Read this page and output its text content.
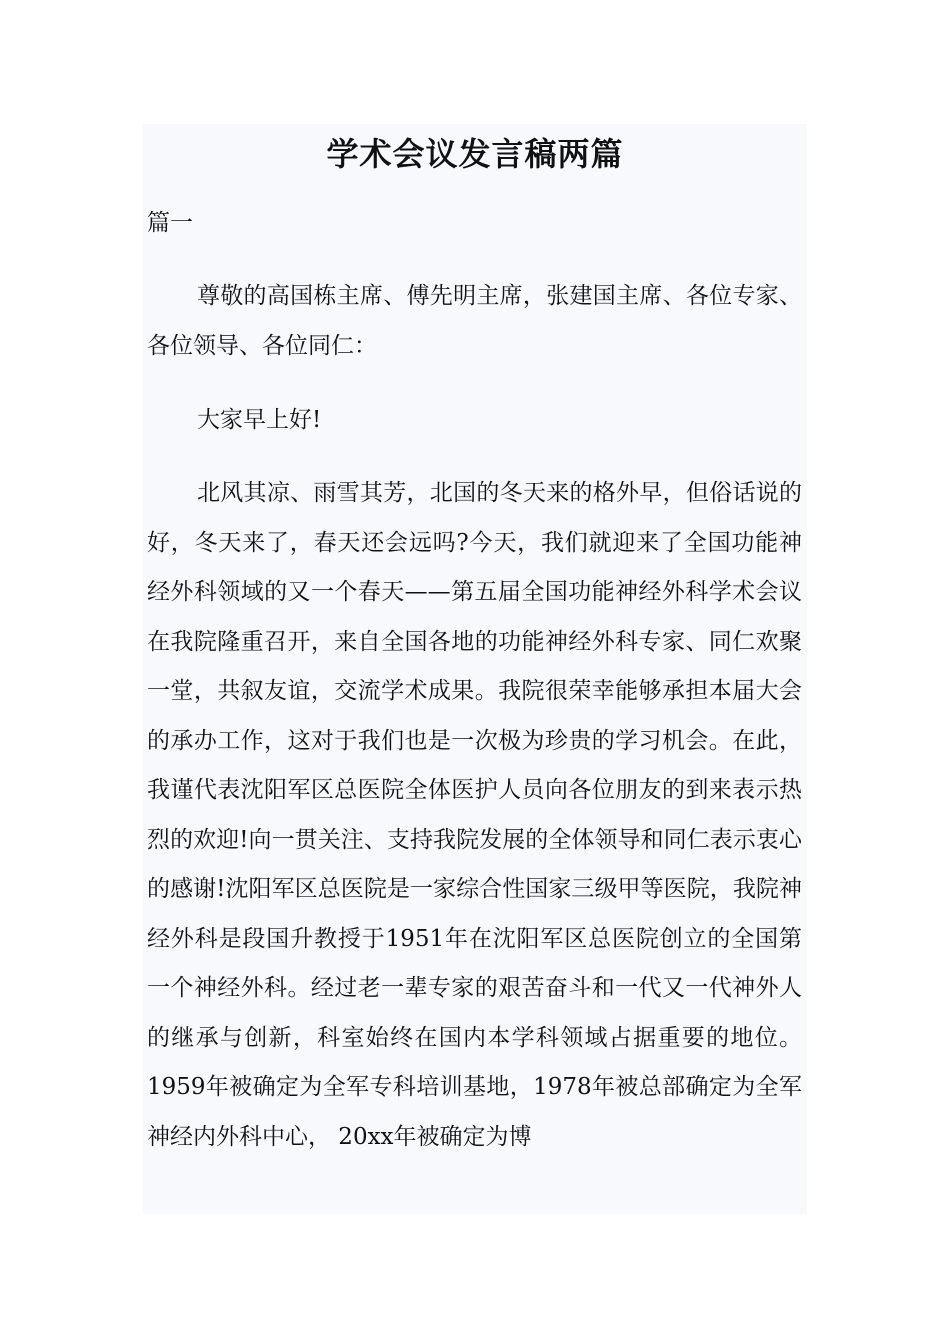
学术会议发言稿两篇
篇一

尊敬的高国栋主席、傅先明主席，张建国主席、各位专家、各位领导、各位同仁：

大家早上好!

北风其凉、雨雪其芳，北国的冬天来的格外早，但俗话说的好，冬天来了，春天还会远吗?今天，我们就迎来了全国功能神经外科领域的又一个春天——第五届全国功能神经外科学术会议在我院隆重召开，来自全国各地的功能神经外科专家、同仁欢聚一堂，共叙友谊，交流学术成果。我院很荣幸能够承担本届大会的承办工作，这对于我们也是一次极为珍贵的学习机会。在此，我谨代表沈阳军区总医院全体医护人员向各位朋友的到来表示热烈的欢迎!向一贯关注、支持我院发展的全体领导和同仁表示衷心的感谢!沈阳军区总医院是一家综合性国家三级甲等医院，我院神经外科是段国升教授于1951年在沈阳军区总医院创立的全国第一个神经外科。经过老一辈专家的艰苦奋斗和一代又一代神外人的继承与创新，科室始终在国内本学科领域占据重要的地位。1959年被确定为全军专科培训基地，1978年被总部确定为全军神经内外科中心， 20xx年被确定为博
